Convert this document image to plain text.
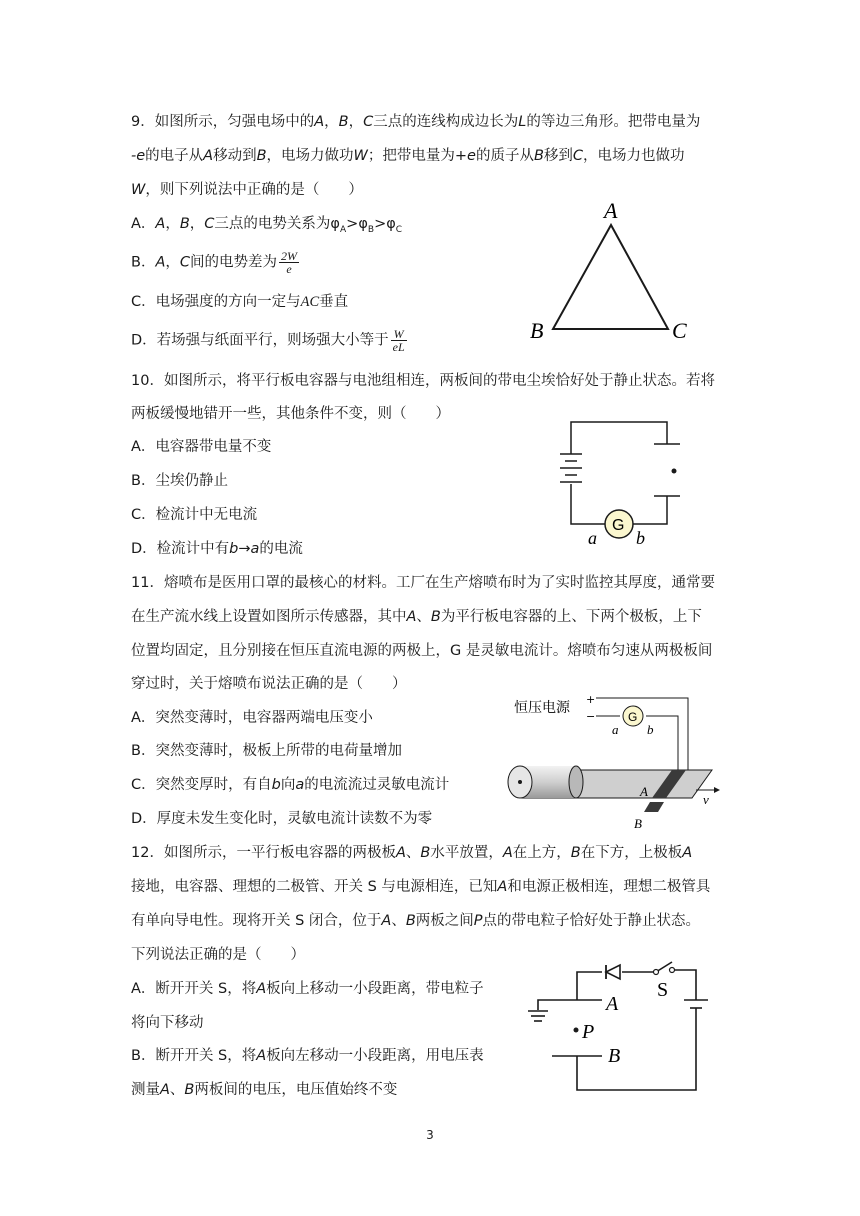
9．如图所示，匀强电场中的A，B，C三点的连线构成边长为L的等边三角形。把带电量为
-e的电子从A移动到B，电场力做功W；把带电量为+e的质子从B移到C，电场力也做功
W，则下列说法中正确的是（　　）
A．A，B，C三点的电势关系为$\varphi_A>\varphi_B>\varphi_C$
B．A，C间的电势差为 $\frac{2W}{e}$
C．电场强度的方向一定与AC垂直
D．若场强与纸面平行，则场强大小等于 $\frac{W}{eL}$
A
B	C
10．如图所示，将平行板电容器与电池组相连，两板间的带电尘埃恰好处于静止状态。若将
两板缓慢地错开一些，其他条件不变，则（　　）
A．电容器带电量不变
B．尘埃仍静止
C．检流计中无电流
D．检流计中有b→a的电流
G
a b
11．熔喷布是医用口罩的最核心的材料。工厂在生产熔喷布时为了实时监控其厚度，通常要
在生产流水线上设置如图所示传感器，其中A、B为平行板电容器的上、下两个极板，上下
位置均固定，且分别接在恒压直流电源的两极上，G 是灵敏电流计。熔喷布匀速从两极板间
穿过时，关于熔喷布说法正确的是（　　）
A．突然变薄时，电容器两端电压变小
B．突然变薄时，极板上所带的电荷量增加
C．突然变厚时，有自b向a的电流流过灵敏电流计
D．厚度未发生变化时，灵敏电流计读数不为零
恒压电源
+
−	G
a b
A
B
v
12．如图所示，一平行板电容器的两极板A、B水平放置，A在上方，B在下方，上极板A
接地，电容器、理想的二极管、开关 S 与电源相连，已知A和电源正极相连，理想二极管具
有单向导电性。现将开关 S 闭合，位于A、B两板之间P点的带电粒子恰好处于静止状态。
下列说法正确的是（　　）
A．断开开关 S，将A板向上移动一小段距离，带电粒子
将向下移动
B．断开开关 S，将A板向左移动一小段距离，用电压表
测量A、B两板间的电压，电压值始终不变
S
A
P
B
3
